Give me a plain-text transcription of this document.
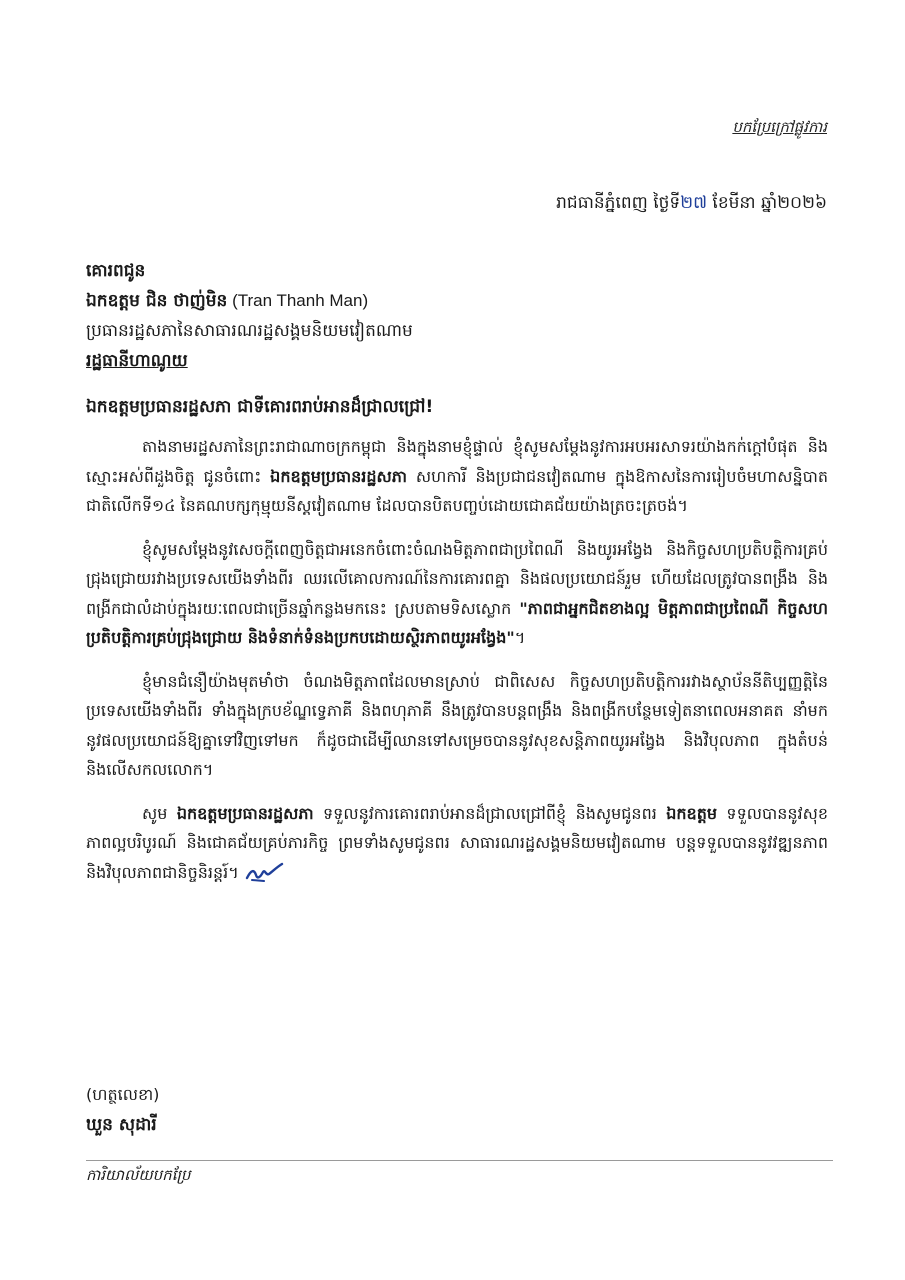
បកប្រែក្រៅផ្លូវការ
រាជធានីភ្នំពេញ ថ្ងៃទី២៧ ខែមីនា ឆ្នាំ២០២៦
គោរពជូន
ឯកឧត្តម ជិន ថាញ់មិន (Tran Thanh Man)
ប្រធានរដ្ឋសភានៃសាធារណរដ្ឋសង្គមនិយមវៀតណាម
រដ្ឋធានីហាណូយ
ឯកឧត្តមប្រធានរដ្ឋសភា ជាទីគោរពរាប់អានដ៏ជ្រាលជ្រៅ!

តាងនាមរដ្ឋសភានៃព្រះរាជាណាចក្រកម្ពុជា និងក្នុងនាមខ្ញុំផ្ទាល់ ខ្ញុំសូមសម្តែងនូវការអបអរសាទរយ៉ាងកក់ក្តៅបំផុត និងស្មោះអស់ពីដួងចិត្ត ជូនចំពោះ ឯកឧត្តមប្រធានរដ្ឋសភា សហការី និងប្រជាជនវៀតណាម ក្នុងឱកាសនៃការរៀបចំមហាសន្និបាតជាតិលើកទី១៤ នៃគណបក្សកុម្មុយនីស្តវៀតណាម ដែលបានបិតបញ្ចប់ដោយជោគជ័យយ៉ាងត្រចះត្រចង់។

ខ្ញុំសូមសម្តែងនូវសេចក្តីពេញចិត្តជាអនេកចំពោះចំណងមិត្តភាពជាប្រពៃណី និងយូរអង្វែង និងកិច្ចសហប្រតិបត្តិការគ្រប់ជ្រុងជ្រោយរវាងប្រទេសយើងទាំងពីរ ឈរលើគោលការណ៍នៃការគោរពគ្នា និងផលប្រយោជន៍រួម ហើយដែលត្រូវបានពង្រឹង និងពង្រីកជាលំដាប់ក្នុងរយៈពេលជាច្រើនឆ្នាំកន្លងមកនេះ ស្របតាមទិសស្លោក "ភាពជាអ្នកជិតខាងល្អ មិត្តភាពជាប្រពៃណី កិច្ចសហប្រតិបត្តិការគ្រប់ជ្រុងជ្រោយ និងទំនាក់ទំនងប្រកបដោយស្ថិរភាពយូរអង្វែង"។

ខ្ញុំមានជំនឿយ៉ាងមុតមាំថា ចំណងមិត្តភាពដែលមានស្រាប់ ជាពិសេស កិច្ចសហប្រតិបត្តិការរវាងស្ថាប័ននីតិប្បញ្ញត្តិនៃប្រទេសយើងទាំងពីរ ទាំងក្នុងក្របខ័ណ្ឌទ្វេភាគី និងពហុភាគី នឹងត្រូវបានបន្តពង្រឹង និងពង្រីកបន្ថែមទៀតនាពេលអនាគត នាំមកនូវផលប្រយោជន៍ឱ្យគ្នាទៅវិញទៅមក ក៏ដូចជាដើម្បីឈានទៅសម្រេចបាននូវសុខសន្តិភាពយូរអង្វែង និងវិបុលភាព ក្នុងតំបន់ និងលើសកលលោក។

សូម ឯកឧត្តមប្រធានរដ្ឋសភា ទទួលនូវការគោរពរាប់អានដ៏ជ្រាលជ្រៅពីខ្ញុំ និងសូមជូនពរ ឯកឧត្តម ទទួលបាននូវសុខភាពល្អបរិបូរណ៍ និងជោគជ័យគ្រប់ភារកិច្ច ព្រមទាំងសូមជូនពរ សាធារណរដ្ឋសង្គមនិយមវៀតណាម បន្តទទួលបាននូវវឌ្ឍនភាព និងវិបុលភាពជានិច្ចនិរន្តរ៍។

(ហត្ថលេខា)
ឃួន សុដារី
ការិយាល័យបកប្រែ
